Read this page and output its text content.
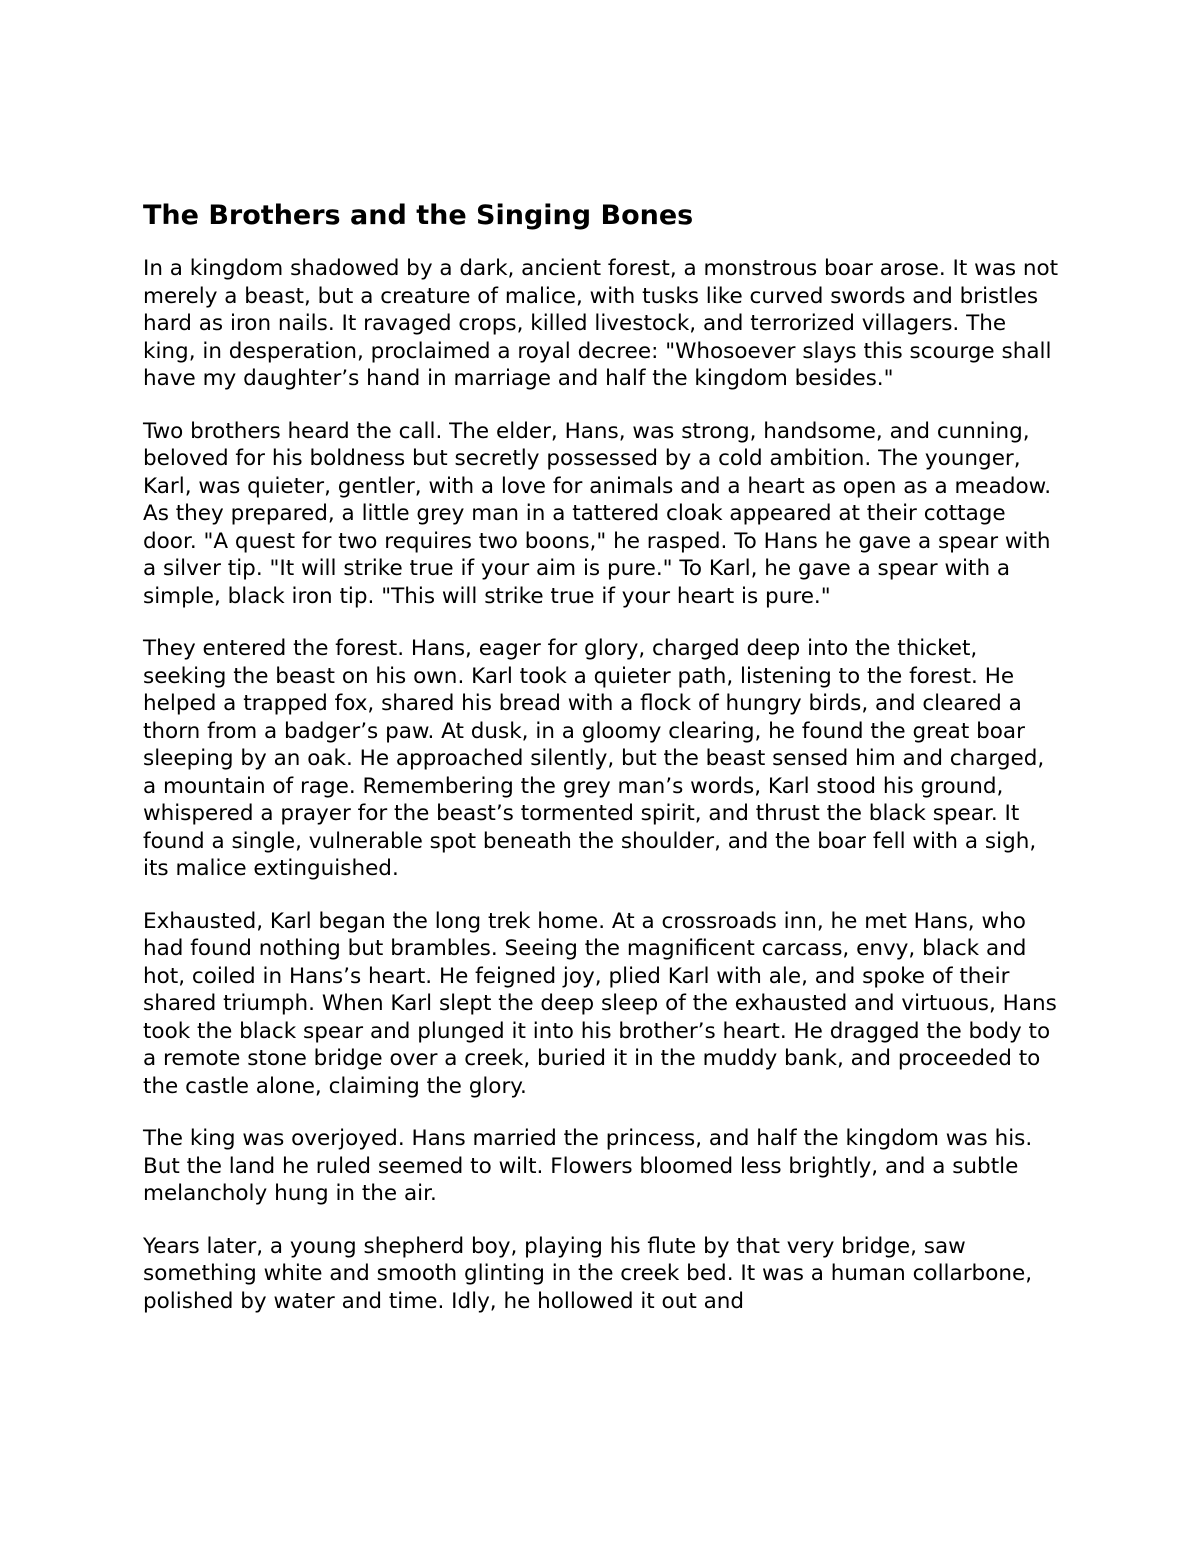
The Brothers and the Singing Bones

In a kingdom shadowed by a dark, ancient forest, a monstrous boar arose. It was not merely a beast, but a creature of malice, with tusks like curved swords and bristles hard as iron nails. It ravaged crops, killed livestock, and terrorized villagers. The king, in desperation, proclaimed a royal decree: "Whosoever slays this scourge shall have my daughter’s hand in marriage and half the kingdom besides."

Two brothers heard the call. The elder, Hans, was strong, handsome, and cunning, beloved for his boldness but secretly possessed by a cold ambition. The younger, Karl, was quieter, gentler, with a love for animals and a heart as open as a meadow. As they prepared, a little grey man in a tattered cloak appeared at their cottage door. "A quest for two requires two boons," he rasped. To Hans he gave a spear with a silver tip. "It will strike true if your aim is pure." To Karl, he gave a spear with a simple, black iron tip. "This will strike true if your heart is pure."

They entered the forest. Hans, eager for glory, charged deep into the thicket, seeking the beast on his own. Karl took a quieter path, listening to the forest. He helped a trapped fox, shared his bread with a flock of hungry birds, and cleared a thorn from a badger’s paw. At dusk, in a gloomy clearing, he found the great boar sleeping by an oak. He approached silently, but the beast sensed him and charged, a mountain of rage. Remembering the grey man’s words, Karl stood his ground, whispered a prayer for the beast’s tormented spirit, and thrust the black spear. It found a single, vulnerable spot beneath the shoulder, and the boar fell with a sigh, its malice extinguished.

Exhausted, Karl began the long trek home. At a crossroads inn, he met Hans, who had found nothing but brambles. Seeing the magnificent carcass, envy, black and hot, coiled in Hans’s heart. He feigned joy, plied Karl with ale, and spoke of their shared triumph. When Karl slept the deep sleep of the exhausted and virtuous, Hans took the black spear and plunged it into his brother’s heart. He dragged the body to a remote stone bridge over a creek, buried it in the muddy bank, and proceeded to the castle alone, claiming the glory.

The king was overjoyed. Hans married the princess, and half the kingdom was his. But the land he ruled seemed to wilt. Flowers bloomed less brightly, and a subtle melancholy hung in the air.

Years later, a young shepherd boy, playing his flute by that very bridge, saw something white and smooth glinting in the creek bed. It was a human collarbone, polished by water and time. Idly, he hollowed it out and
